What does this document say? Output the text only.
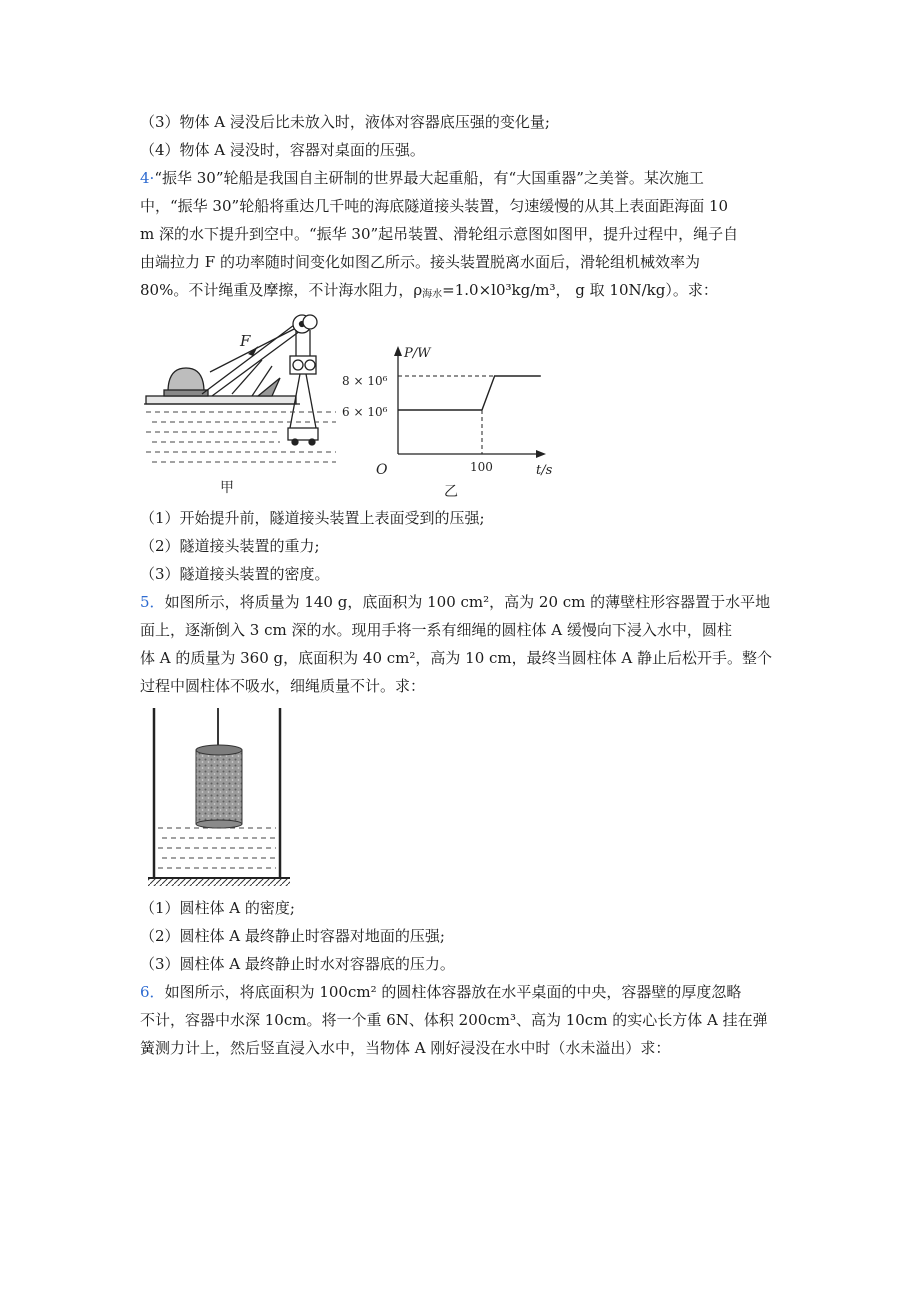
（3）物体 A 浸没后比未放入时，液体对容器底压强的变化量;
（4）物体 A 浸没时，容器对桌面的压强。
4·“振华 30”轮船是我国自主研制的世界最大起重船，有“大国重器”之美誉。某次施工
中，“振华 30”轮船将重达几千吨的海底隧道接头装置，匀速缓慢的从其上表面距海面 10
m 深的水下提升到空中。“振华 30”起吊装置、滑轮组示意图如图甲，提升过程中，绳子自
由端拉力 F 的功率随时间变化如图乙所示。接头装置脱离水面后，滑轮组机械效率为
80%。不计绳重及摩擦，不计海水阻力，$\rho_{海水}=1.0\times l0^3kg/m^3$， g 取 10N/kg）。求：
F
甲
P/W
t/s
O
8 × 10⁶
6 × 10⁶
100
乙
（1）开始提升前，隧道接头装置上表面受到的压强;
（2）隧道接头装置的重力;
（3）隧道接头装置的密度。
5．如图所示，将质量为 140 g，底面积为 100 cm²，高为 20 cm 的薄壁柱形容器置于水平地
面上，逐渐倒入 3 cm 深的水。现用手将一系有细绳的圆柱体 A 缓慢向下浸入水中，圆柱
体 A 的质量为 360 g，底面积为 40 cm²，高为 10 cm，最终当圆柱体 A 静止后松开手。整个
过程中圆柱体不吸水，细绳质量不计。求：
（1）圆柱体 A 的密度;
（2）圆柱体 A 最终静止时容器对地面的压强;
（3）圆柱体 A 最终静止时水对容器底的压力。
6．如图所示，将底面积为 100cm² 的圆柱体容器放在水平桌面的中央，容器壁的厚度忽略
不计，容器中水深 10cm。将一个重 6N、体积 200cm³、高为 10cm 的实心长方体 A 挂在弹
簧测力计上，然后竖直浸入水中，当物体 A 刚好浸没在水中时（水未溢出）求：
